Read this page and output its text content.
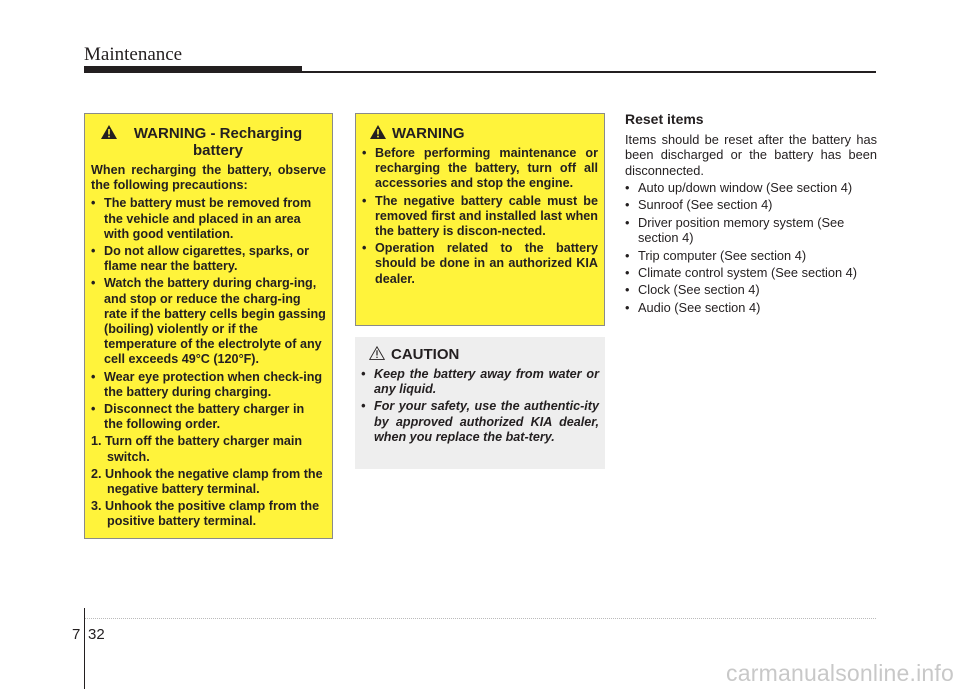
Maintenance
WARNING - Recharging battery

When recharging the battery, observe the following precautions:

• The battery must be removed from the vehicle and placed in an area with good ventilation.
• Do not allow cigarettes, sparks, or flame near the battery.
• Watch the battery during charg-ing, and stop or reduce the charg-ing rate if the battery cells begin gassing (boiling) violently or if the temperature of the electrolyte of any cell exceeds 49°C (120°F).
• Wear eye protection when check-ing the battery during charging.
• Disconnect the battery charger in the following order.
1. Turn off the battery charger main switch.
2. Unhook the negative clamp from the negative battery terminal.
3. Unhook the positive clamp from the positive battery terminal.
WARNING
• Before performing maintenance or recharging the battery, turn off all accessories and stop the engine.
• The negative battery cable must be removed first and installed last when the battery is discon-nected.
• Operation related to the battery should be done in an authorized KIA dealer.
CAUTION
• Keep the battery away from water or any liquid.
• For your safety, use the authentic-ity by approved authorized KIA dealer, when you replace the bat-tery.
Reset items

Items should be reset after the battery has been discharged or the battery has been disconnected.

• Auto up/down window (See section 4)
• Sunroof (See section 4)
• Driver position memory system (See section 4)
• Trip computer (See section 4)
• Climate control system (See section 4)
• Clock (See section 4)
• Audio (See section 4)
7 32
carmanualsonline.info
